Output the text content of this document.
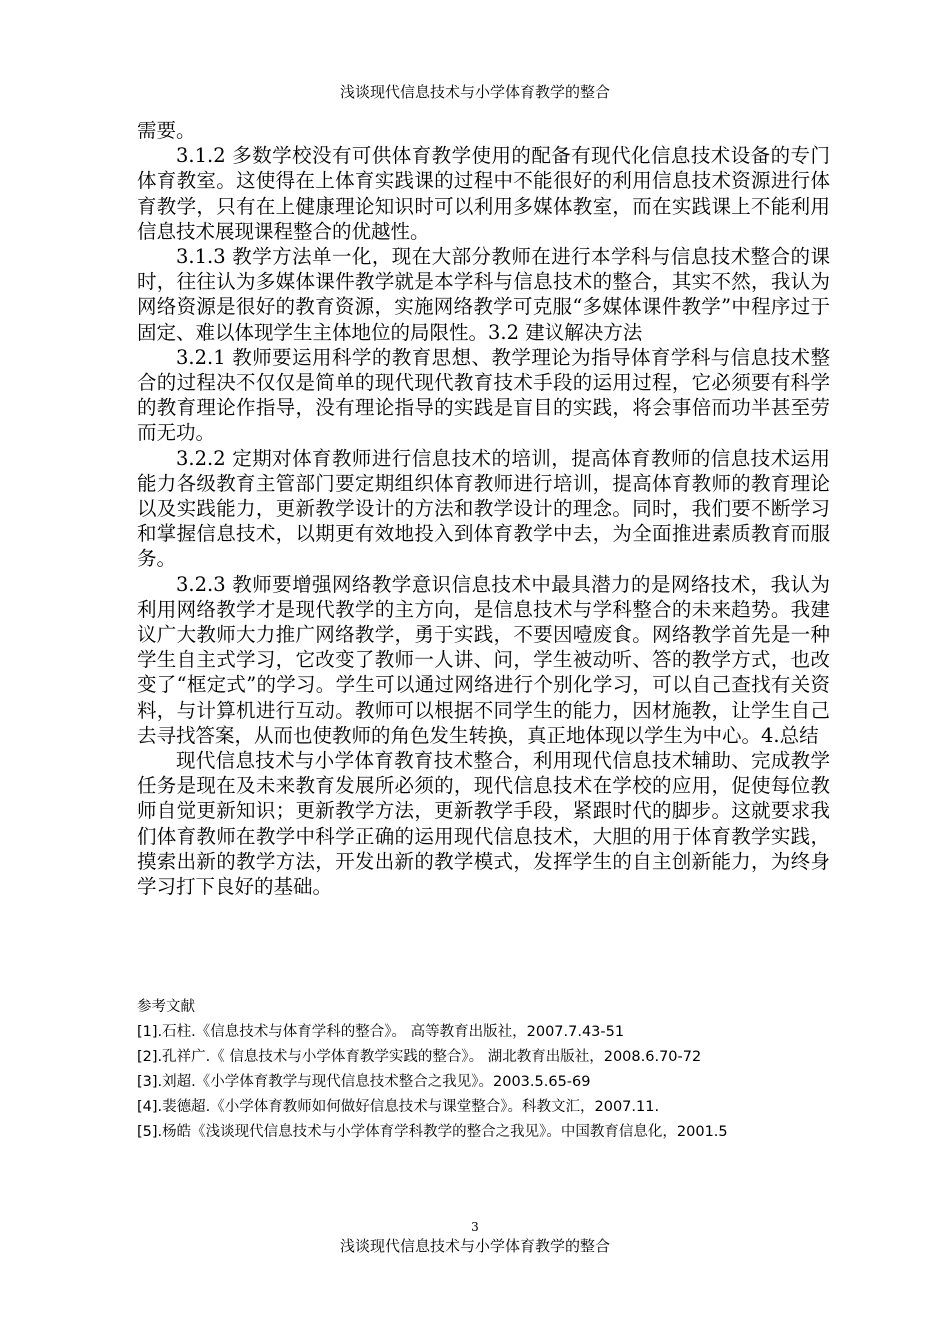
浅谈现代信息技术与小学体育教学的整合

需要。

3.1.2 多数学校没有可供体育教学使用的配备有现代化信息技术设备的专门体育教室。这使得在上体育实践课的过程中不能很好的利用信息技术资源进行体育教学，只有在上健康理论知识时可以利用多媒体教室，而在实践课上不能利用信息技术展现课程整合的优越性。

3.1.3 教学方法单一化，现在大部分教师在进行本学科与信息技术整合的课时，往往认为多媒体课件教学就是本学科与信息技术的整合，其实不然，我认为网络资源是很好的教育资源，实施网络教学可克服“多媒体课件教学”中程序过于固定、难以体现学生主体地位的局限性。3.2 建议解决方法

3.2.1 教师要运用科学的教育思想、教学理论为指导体育学科与信息技术整合的过程决不仅仅是简单的现代现代教育技术手段的运用过程，它必须要有科学的教育理论作指导，没有理论指导的实践是盲目的实践，将会事倍而功半甚至劳而无功。

3.2.2 定期对体育教师进行信息技术的培训，提高体育教师的信息技术运用能力各级教育主管部门要定期组织体育教师进行培训，提高体育教师的教育理论以及实践能力，更新教学设计的方法和教学设计的理念。同时，我们要不断学习和掌握信息技术，以期更有效地投入到体育教学中去，为全面推进素质教育而服务。

3.2.3 教师要增强网络教学意识信息技术中最具潜力的是网络技术，我认为利用网络教学才是现代教学的主方向，是信息技术与学科整合的未来趋势。我建议广大教师大力推广网络教学，勇于实践，不要因噎废食。网络教学首先是一种学生自主式学习，它改变了教师一人讲、问，学生被动听、答的教学方式，也改变了“框定式”的学习。学生可以通过网络进行个别化学习，可以自己查找有关资料，与计算机进行互动。教师可以根据不同学生的能力，因材施教，让学生自己去寻找答案，从而也使教师的角色发生转换，真正地体现以学生为中心。4.总结

现代信息技术与小学体育教育技术整合，利用现代信息技术辅助、完成教学任务是现在及未来教育发展所必须的，现代信息技术在学校的应用，促使每位教师自觉更新知识；更新教学方法，更新教学手段，紧跟时代的脚步。这就要求我们体育教师在教学中科学正确的运用现代信息技术，大胆的用于体育教学实践，摸索出新的教学方法，开发出新的教学模式，发挥学生的自主创新能力，为终身学习打下良好的基础。

参考文献
[1].石柱.《信息技术与体育学科的整合》。 高等教育出版社，2007.7.43-51
[2].孔祥广.《 信息技术与小学体育教学实践的整合》。 湖北教育出版社，2008.6.70-72
[3].刘超.《小学体育教学与现代信息技术整合之我见》。2003.5.65-69
[4].裴德超.《小学体育教师如何做好信息技术与课堂整合》。科教文汇，2007.11.
[5].杨皓《浅谈现代信息技术与小学体育学科教学的整合之我见》。中国教育信息化，2001.5
3
浅谈现代信息技术与小学体育教学的整合
